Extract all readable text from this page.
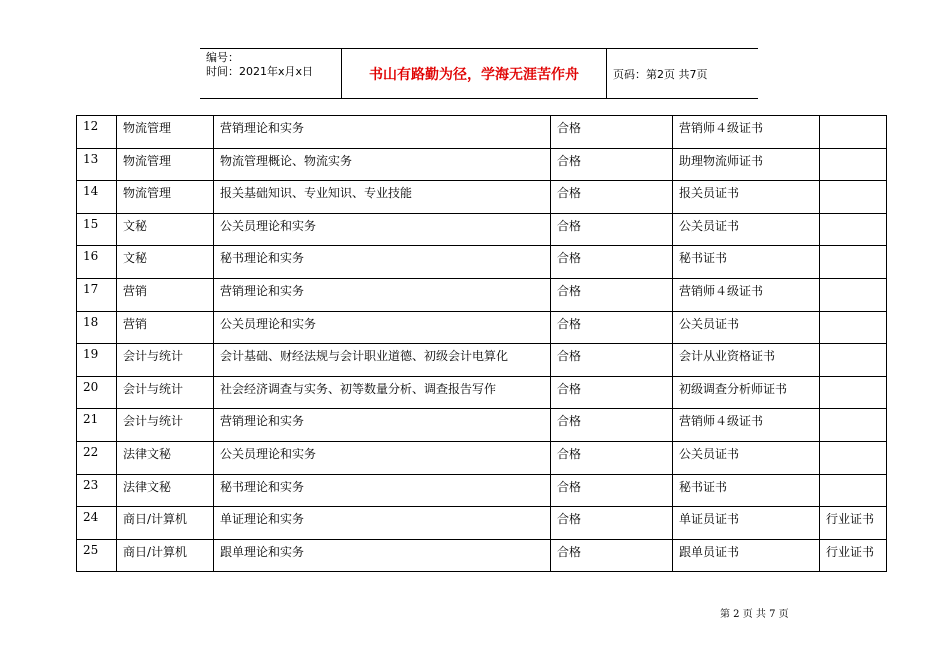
编号：
时间：2021年x月x日	书山有路勤为径，学海无涯苦作舟	页码：第2页 共7页
12	物流管理	营销理论和实务	合格	营销师４级证书	
13	物流管理	物流管理概论、物流实务	合格	助理物流师证书	
14	物流管理	报关基础知识、专业知识、专业技能	合格	报关员证书	
15	文秘	公关员理论和实务	合格	公关员证书	
16	文秘	秘书理论和实务	合格	秘书证书	
17	营销	营销理论和实务	合格	营销师４级证书	
18	营销	公关员理论和实务	合格	公关员证书	
19	会计与统计	会计基础、财经法规与会计职业道德、初级会计电算化	合格	会计从业资格证书	
20	会计与统计	社会经济调查与实务、初等数量分析、调查报告写作	合格	初级调查分析师证书	
21	会计与统计	营销理论和实务	合格	营销师４级证书	
22	法律文秘	公关员理论和实务	合格	公关员证书	
23	法律文秘	秘书理论和实务	合格	秘书证书	
24	商日/计算机	单证理论和实务	合格	单证员证书	行业证书
25	商日/计算机	跟单理论和实务	合格	跟单员证书	行业证书
第 2 页 共 7 页
